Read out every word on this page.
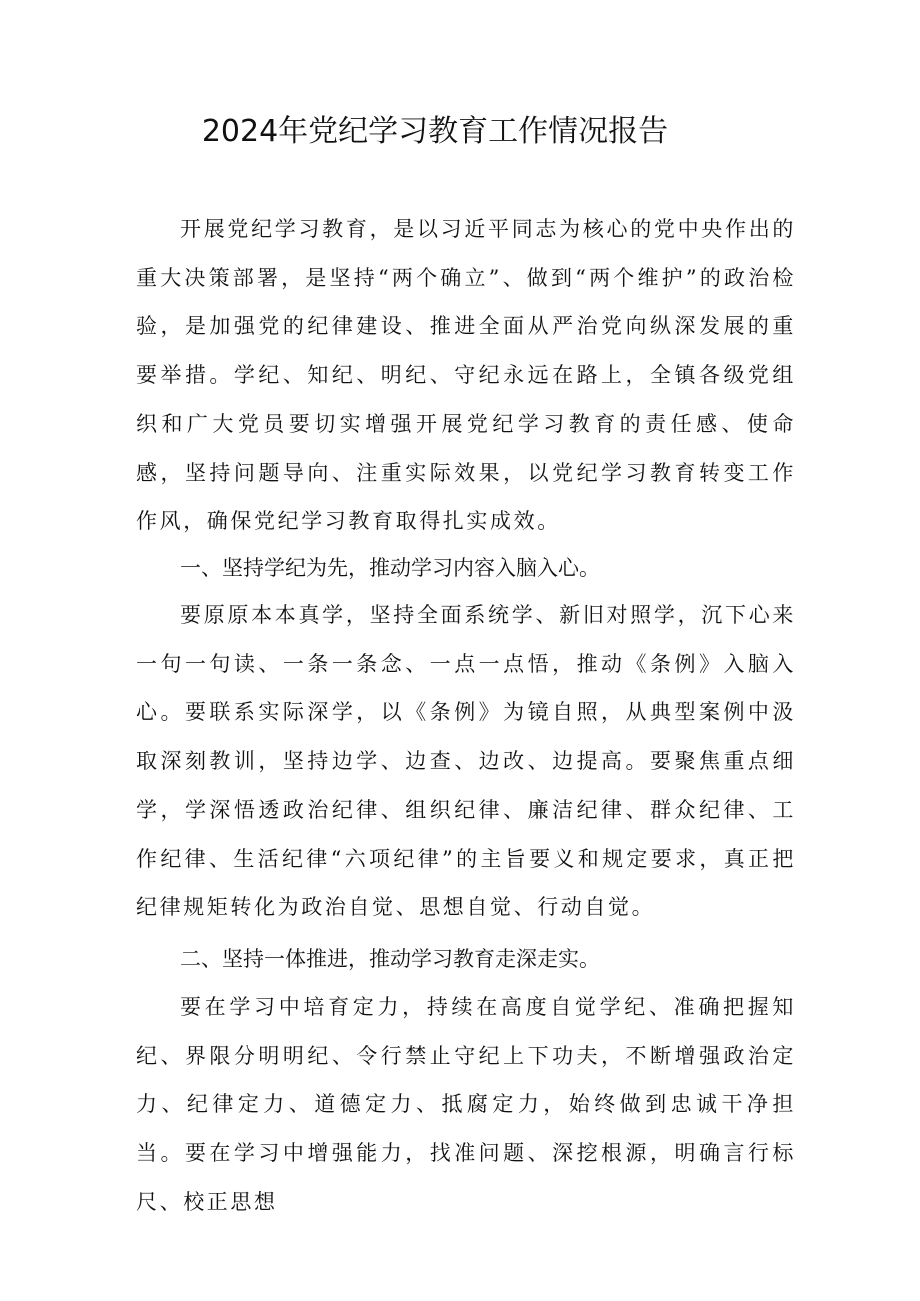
2024年党纪学习教育工作情况报告

开展党纪学习教育，是以习近平同志为核心的党中央作出的重大决策部署，是坚持“两个确立”、做到“两个维护”的政治检验，是加强党的纪律建设、推进全面从严治党向纵深发展的重要举措。学纪、知纪、明纪、守纪永远在路上，全镇各级党组织和广大党员要切实增强开展党纪学习教育的责任感、使命感，坚持问题导向、注重实际效果，以党纪学习教育转变工作作风，确保党纪学习教育取得扎实成效。

一、坚持学纪为先，推动学习内容入脑入心。

要原原本本真学，坚持全面系统学、新旧对照学，沉下心来一句一句读、一条一条念、一点一点悟，推动《条例》入脑入心。要联系实际深学，以《条例》为镜自照，从典型案例中汲取深刻教训，坚持边学、边查、边改、边提高。要聚焦重点细学，学深悟透政治纪律、组织纪律、廉洁纪律、群众纪律、工作纪律、生活纪律“六项纪律”的主旨要义和规定要求，真正把纪律规矩转化为政治自觉、思想自觉、行动自觉。

二、坚持一体推进，推动学习教育走深走实。

要在学习中培育定力，持续在高度自觉学纪、准确把握知纪、界限分明明纪、令行禁止守纪上下功夫，不断增强政治定力、纪律定力、道德定力、抵腐定力，始终做到忠诚干净担当。要在学习中增强能力，找准问题、深挖根源，明确言行标尺、校正思想
